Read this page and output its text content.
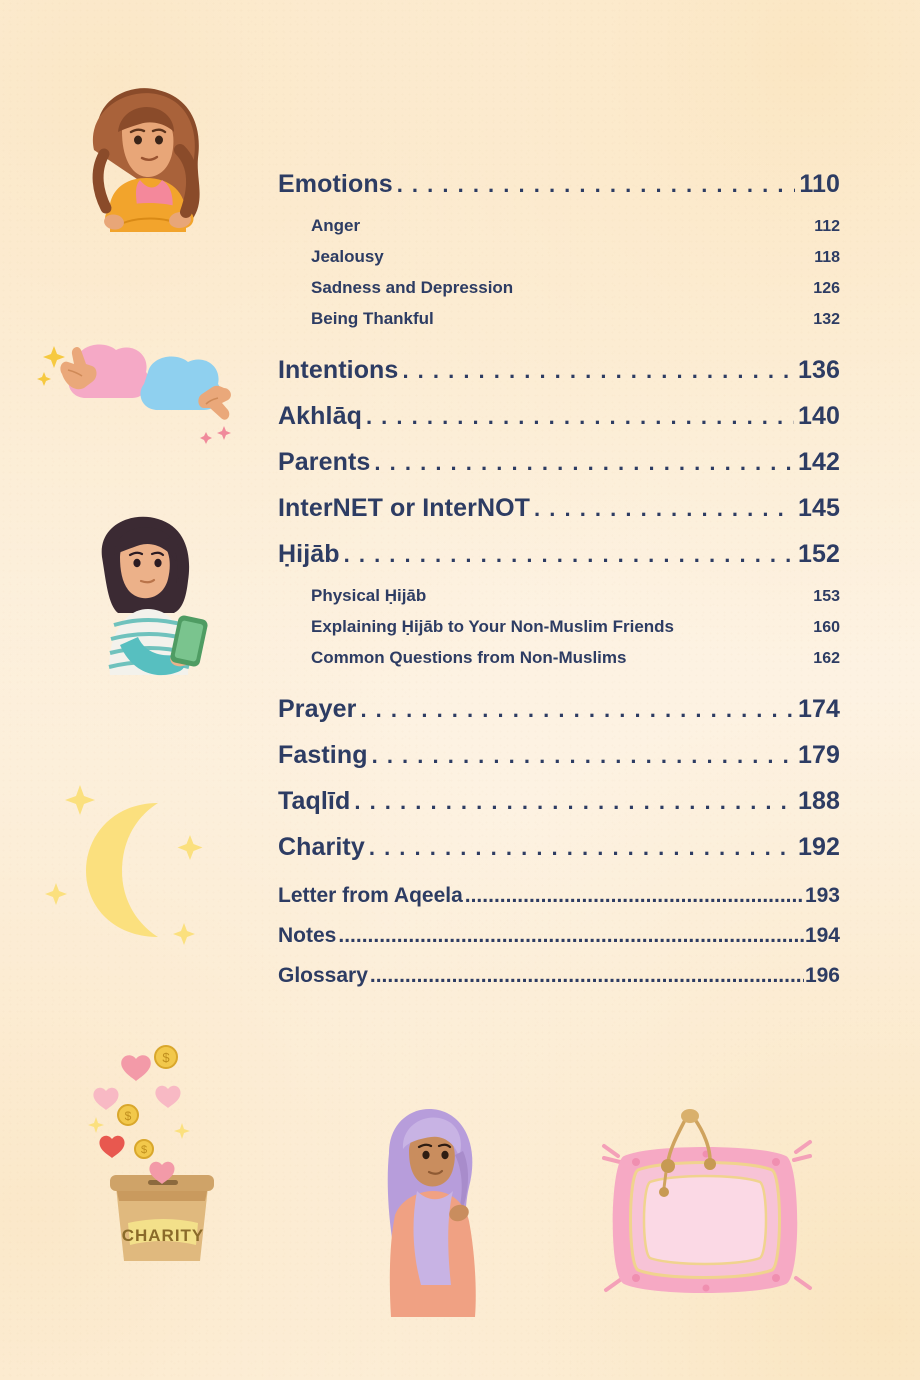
$
$
$
CHARITY
Emotions . . .	110
Anger	112
Jealousy	118
Sadness and Depression	126
Being Thankful	132
Intentions . . .	136
Akhlāq . . .	140
Parents . . .	142
InterNET or InterNOT . . .	145
Ḥijāb . . .	152
Physical Ḥijāb	153
Explaining Ḥijāb to Your Non-Muslim Friends	160
Common Questions from Non-Muslims	162
Prayer . . .	174
Fasting . . .	179
Taqlīd . . .	188
Charity . . .	192
Letter from Aqeela .....	193
Notes .....	194
Glossary .....	196
